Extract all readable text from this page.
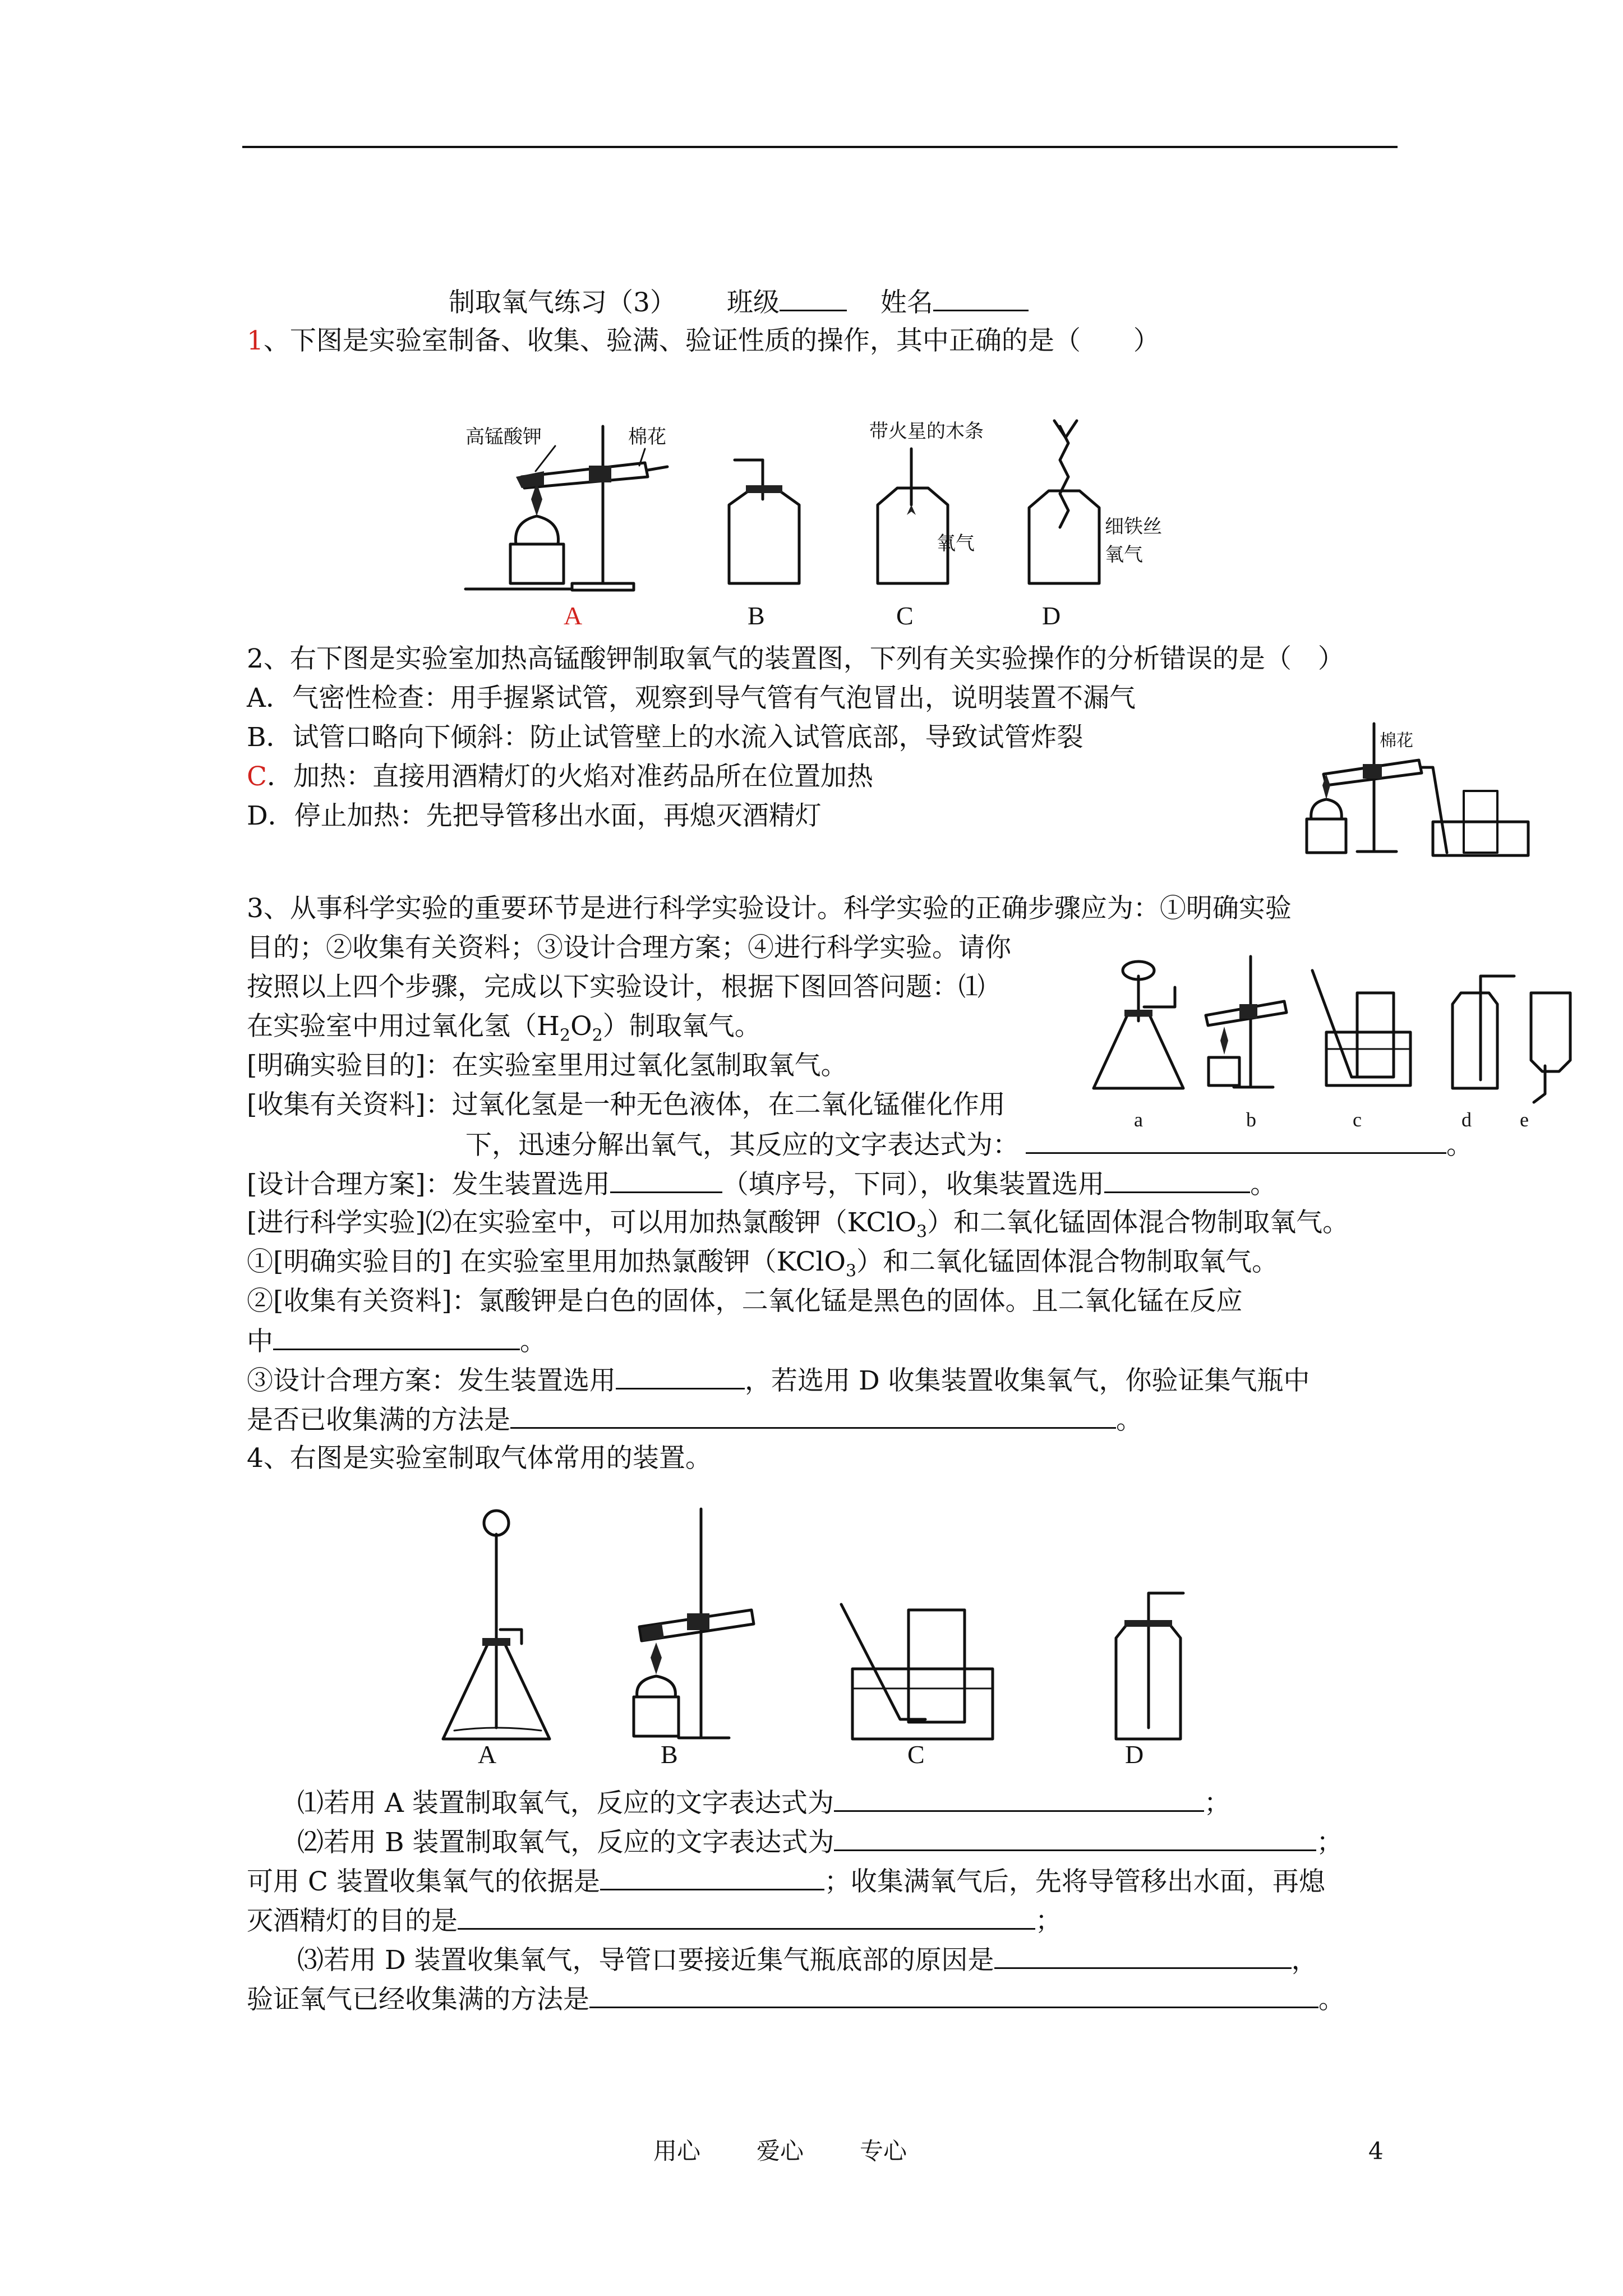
制取氧气练习（3） 班级	姓名
1、下图是实验室制备、收集、验满、验证性质的操作，其中正确的是（　　）
高锰酸钾	棉花	带火星的木条
氧气
细铁丝
氧气
A	B	C	D
2、右下图是实验室加热高锰酸钾制取氧气的装置图，下列有关实验操作的分析错误的是（　）
A．气密性检查：用手握紧试管，观察到导气管有气泡冒出，说明装置不漏气
B．试管口略向下倾斜：防止试管壁上的水流入试管底部，导致试管炸裂
C．加热：直接用酒精灯的火焰对准药品所在位置加热
D．停止加热：先把导管移出水面，再熄灭酒精灯
棉花
3、从事科学实验的重要环节是进行科学实验设计。科学实验的正确步骤应为：①明确实验
目的；②收集有关资料；③设计合理方案；④进行科学实验。请你
按照以上四个步骤，完成以下实验设计，根据下图回答问题：⑴
在实验室中用过氧化氢$(H_2O_2)$制取氧气。
[明确实验目的]：在实验室里用过氧化氢制取氧气。
[收集有关资料]：过氧化氢是一种无色液体，在二氧化锰催化作用
下，迅速分解出氧气，其反应的文字表达式为：	。
[设计合理方案]：发生装置选用	（填序号，下同），收集装置选用	。
[进行科学实验]⑵在实验室中，可以用加热氯酸钾（KClO$_3$）和二氧化锰固体混合物制取氧气。
①[明确实验目的] 在实验室里用加热氯酸钾（KClO$_3$）和二氧化锰固体混合物制取氧气。
②[收集有关资料]：氯酸钾是白色的固体，二氧化锰是黑色的固体。且二氧化锰在反应
中	。
③设计合理方案：发生装置选用	，若选用 D 收集装置收集氧气，你验证集气瓶中
是否已收集满的方法是	。
a	b	c	d e
4、右图是实验室制取气体常用的装置。
A	B	C	D
⑴若用 A 装置制取氧气，反应的文字表达式为	；
⑵若用 B 装置制取氧气，反应的文字表达式为	；
可用 C 装置收集氧气的依据是	；收集满氧气后，先将导管移出水面，再熄
灭酒精灯的目的是	；
⑶若用 D 装置收集氧气，导管口要接近集气瓶底部的原因是	，
验证氧气已经收集满的方法是	。
用心 爱心 专心	4
